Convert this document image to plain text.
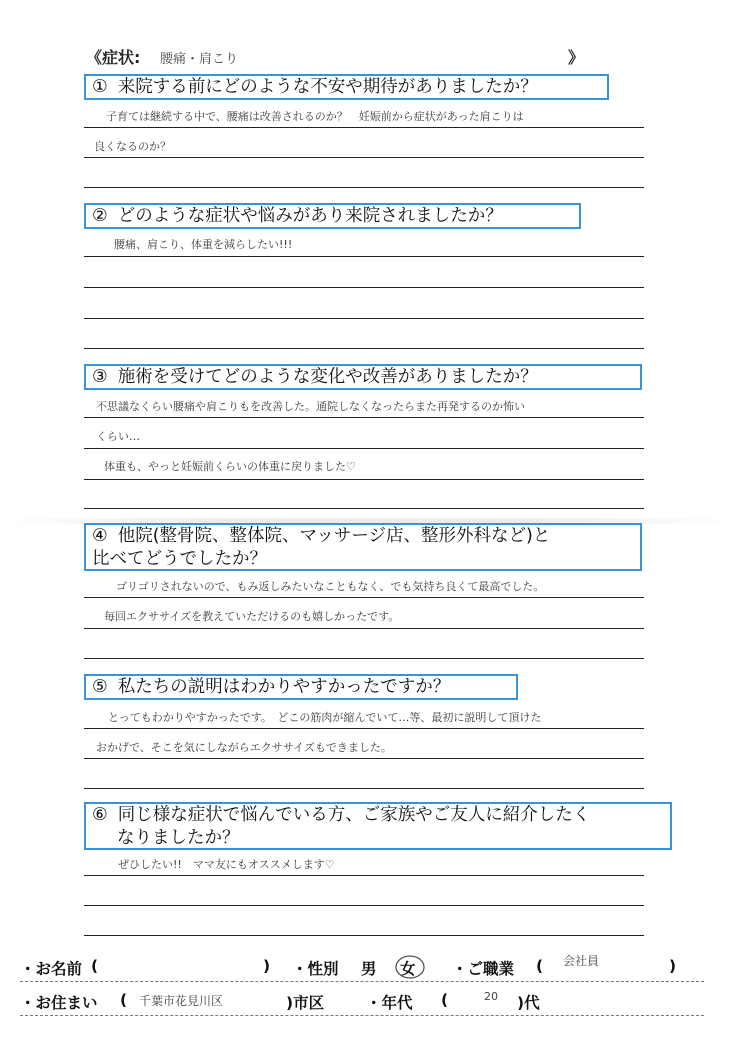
《症状: 腰痛・肩こり	》
① 来院する前にどのような不安や期待がありましたか？
子育ては継続する中で、腰痛は改善されるのか？　妊娠前から症状があった肩こりは
良くなるのか？
② どのような症状や悩みがあり来院されましたか？
腰痛、肩こり、体重を減らしたい!!!
③ 施術を受けてどのような変化や改善がありましたか？
不思議なくらい腰痛や肩こりもを改善した。通院しなくなったらまた再発するのか怖い
くらい…
体重も、やっと妊娠前くらいの体重に戻りました♡
④ 他院(整骨院、整体院、マッサージ店、整形外科など)と
比べてどうでしたか？
ゴリゴリされないので、もみ返しみたいなこともなく、でも気持ち良くて最高でした。
毎回エクササイズを教えていただけるのも嬉しかったです。
⑤ 私たちの説明はわかりやすかったですか？
とってもわかりやすかったです。　どこの筋肉が縮んでいて…等、最初に説明して頂けた
おかげで、そこを気にしながらエクササイズもできました。
⑥ 同じ様な症状で悩んでいる方、ご家族やご友人に紹介したく
なりましたか？
ぜひしたい!!　ママ友にもオススメします♡
・お名前 (	) ・性別 男 女 ・ご職業 ( 会社員	)
・お住まい ( 千葉市花見川区	)市区	・年代 (	20 )代
